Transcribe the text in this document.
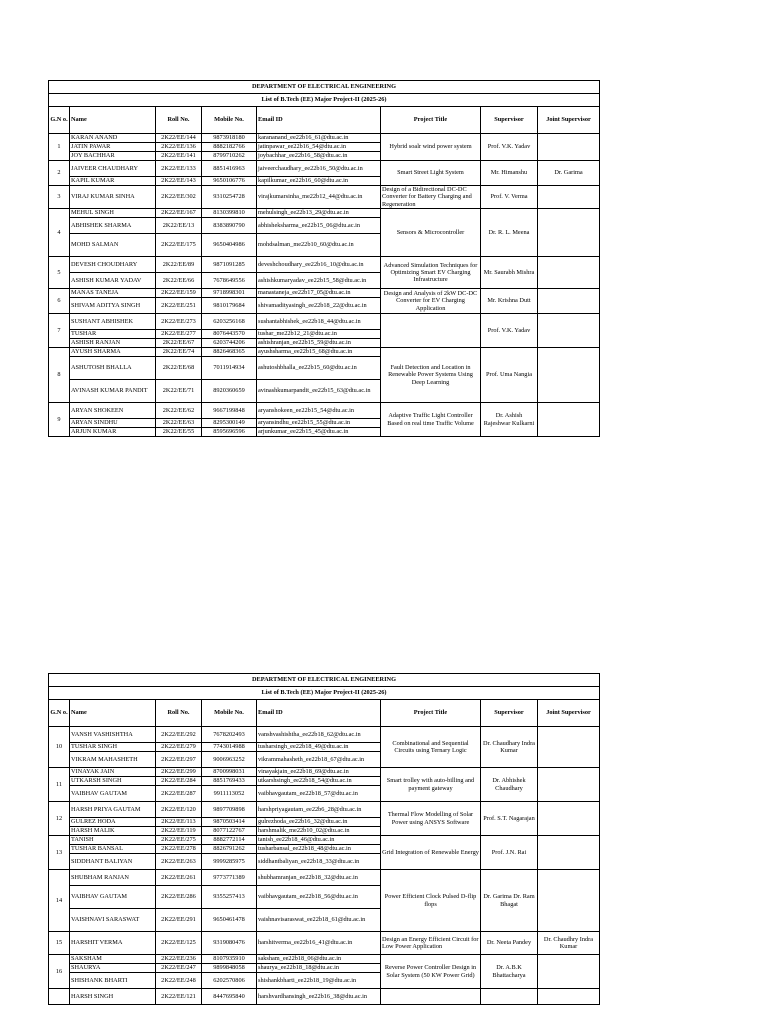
DEPARTMENT OF ELECTRICAL ENGINEERING							
List of B.Tech (EE) Major Project-II (2025-26)							
G.N o.	Name	Roll No.	Mobile No.	Email ID	Project Title	Supervisor	Joint Supervisor
1	KARAN ANAND	2K22/EE/144	9873918180	karananand_ee22b16_61@dtu.ac.in	Hybrid soalr wind power system	Prof. V.K. Yadav	
	JATIN PAWAR	2K22/EE/136	8882182766	jatinpawar_ee22b16_54@dtu.ac.in			
	JOY BACHHAR	2K22/EE/141	8799710262	joybachhar_ee22b16_58@dtu.ac.in			
2	JAIVEER CHAUDHARY	2K22/EE/133	8851416963	jaiveerchaudhary_ee22b16_50@dtu.ac.in	Smart Street Light System	Mr. Himanshu	Dr. Garima
	KAPIL KUMAR	2K22/EE/143	9650106776	kapilkumar_ee22b16_60@dtu.ac.in			
3	VIRAJ KUMAR SINHA	2K22/EE/302	9310254728	virajkumarsinha_me22b12_44@dtu.ac.in	Design of a Bidirectional DC-DC Converter for Battery Charging and Regeneration	Prof. V. Verma	
4	MEHUL SINGH	2K22/EE/167	8130399810	mehulsingh_ee22b13_29@dtu.ac.in	Sensors & Microcontroller	Dr. R. L. Meena	
	ABHISHEK SHARMA	2K22/EE/13	8383890790	abhisheksharma_ee22b15_06@dtu.ac.in			
	MOHD SALMAN	2K22/EE/175	9650404986	mohdsalman_me22b10_60@dtu.ac.in			
5	DEVESH CHOUDHARY	2K22/EE/89	9871091285	deveshchoudhary_ee22b16_10@dtu.ac.in	Advanced Simulation Techniques for Optimizing Smart EV Charging Infrastructure	Mr. Saurabh Mishra	
	ASHISH KUMAR YADAV	2K22/EE/66	7678649556	ashishkumaryadav_ee22b15_58@dtu.ac.in			
6	MANAS TANEJA	2K22/EE/159	9718998301	manastaneja_ee22b17_05@dtu.ac.in	Design and Analysis of 2kW DC-DC Converter for EV Charging Application	Mr. Krishna Dutt	
	SHIVAM ADITYA SINGH	2K22/EE/251	9810179684	shivamadityasingh_ee22b18_22@dtu.ac.in			
7	SUSHANT ABHISHEK	2K22/EE/273	6203256168	sushantabhishek_ee22b18_44@dtu.ac.in		Prof. V.K. Yadav	
	TUSHAR	2K22/EE/277	8076443570	tushar_me22b12_21@dtu.ac.in			
	ASHISH RANJAN	2K22/EE/67	6203744206	ashishranjan_ee22b15_59@dtu.ac.in			
8	AYUSH SHARMA	2K22/EE/74	8826468365	ayushsharma_ee22b15_68@dtu.ac.in	Fault Detection and Location in Renewable Power Systems Using Deep Learning	Prof. Uma Nangia	
	ASHUTOSH BHALLA	2K22/EE/68	7011914934	ashutoshbhalla_ee22b15_60@dtu.ac.in			
	AVINASH KUMAR PANDIT	2K22/EE/71	8920360659	avinashkumarpandit_ee22b15_63@dtu.ac.in			
9	ARYAN SHOKEEN	2K22/EE/62	9667199848	aryanshokeen_ee22b15_54@dtu.ac.in	Adaptive Traffic Light Controller Based on real time Traffic Volume	Dr. Ashish Rajeshwar Kulkarni	
	ARYAN SINDHU	2K22/EE/63	8295300149	aryansindhu_ee22b15_55@dtu.ac.in			
	ARJUN KUMAR	2K22/EE/55	8595696596	arjunkumar_ee22b15_45@dtu.ac.in			
DEPARTMENT OF ELECTRICAL ENGINEERING							
List of B.Tech (EE) Major Project-II (2025-26)							
G.N o.	Name	Roll No.	Mobile No.	Email ID	Project Title	Supervisor	Joint Supervisor
10	VANSH VASHISHTHA	2K22/EE/292	7678202493	vanshvashishtha_ee22b18_62@dtu.ac.in	Combinational and Sequential Circuits using Ternary Logic	Dr. Chaudhary Indra Kumar	
	TUSHAR SINGH	2K22/EE/279	7743014988	tusharsingh_ee22b18_49@dtu.ac.in			
	VIKRAM MAHASHETH	2K22/EE/297	9006963252	vikrammahasheth_ee22b18_67@dtu.ac.in			
11	VINAYAK JAIN	2K22/EE/299	8700998031	vinayakjain_ee22b18_69@dtu.ac.in	Smart trolley with auto-billing and payment gateway	Dr. Abhishek Chaudhary	
	UTKARSH SINGH	2K22/EE/284	8851769433	utkarshsingh_ee22b18_54@dtu.ac.in			
	VAIBHAV GAUTAM	2K22/EE/287	9911113052	vaibhavgautam_ee22b18_57@dtu.ac.in			
12	HARSH PRIYA GAUTAM	2K22/EE/120	9897709898	harshpriyagautam_ee22b6_28@dtu.ac.in	Thermal Flow Modelling of Solar Power using ANSYS Software	Prof. S.T. Nagarajan	
	GULREZ HODA	2K22/EE/113	9870503414	gulrezhoda_ee22b16_32@dtu.ac.in			
	HARSH MALIK	2K22/EE/119	8077122767	harshmalik_me22b10_02@dtu.ac.in			
13	TANISH	2K22/EE/275	8882772114	tanish_ee22b18_46@dtu.ac.in	Grid Integration of Renewable Energy	Prof. J.N. Rai	
	TUSHAR BANSAL	2K22/EE/278	8826791262	tusharbansal_ee22b18_48@dtu.ac.in			
	SIDDHANT BALIYAN	2K22/EE/263	9999285975	siddhantbaliyan_ee22b18_33@dtu.ac.in			
14	SHUBHAM RANJAN	2K22/EE/261	9773771389	shubhamranjan_ee22b18_32@dtu.ac.in	Power Efficient Clock Pulsed D-flip flops	Dr. Garima Dr. Ram Bhagat	
	VAIBHAV GAUTAM	2K22/EE/286	9355257413	vaibhavgautam_ee22b18_56@dtu.ac.in			
	VAISHNAVI SARASWAT	2K22/EE/291	9650461478	vaishnavisaraswat_ee22b18_61@dtu.ac.in			
15	HARSHIT VERMA	2K22/EE/125	9319080476	harshitverma_ee22b16_41@dtu.ac.in	Design an Energy Efficient Circuit for Low Power Application	Dr. Neeta Pandey	Dr. Chaudhry Indra Kumar
16	SAKSHAM	2K22/EE/236	8107935910	saksham_ee22b18_06@dtu.ac.in	Reverse Power Controller Design in Solar System (50 KW Power Grid)	Dr. A.B.K Bhattacharya	
	SHAURYA	2K22/EE/247	9899848058	shaurya_ee22b18_18@dtu.ac.in			
	SHISHANK BHARTI	2K22/EE/248	6202570806	shishankbharti_ee22b18_19@dtu.ac.in			
	HARSH SINGH	2K22/EE/121	8447695840	harshvardhansingh_ee22b16_38@dtu.ac.in			
